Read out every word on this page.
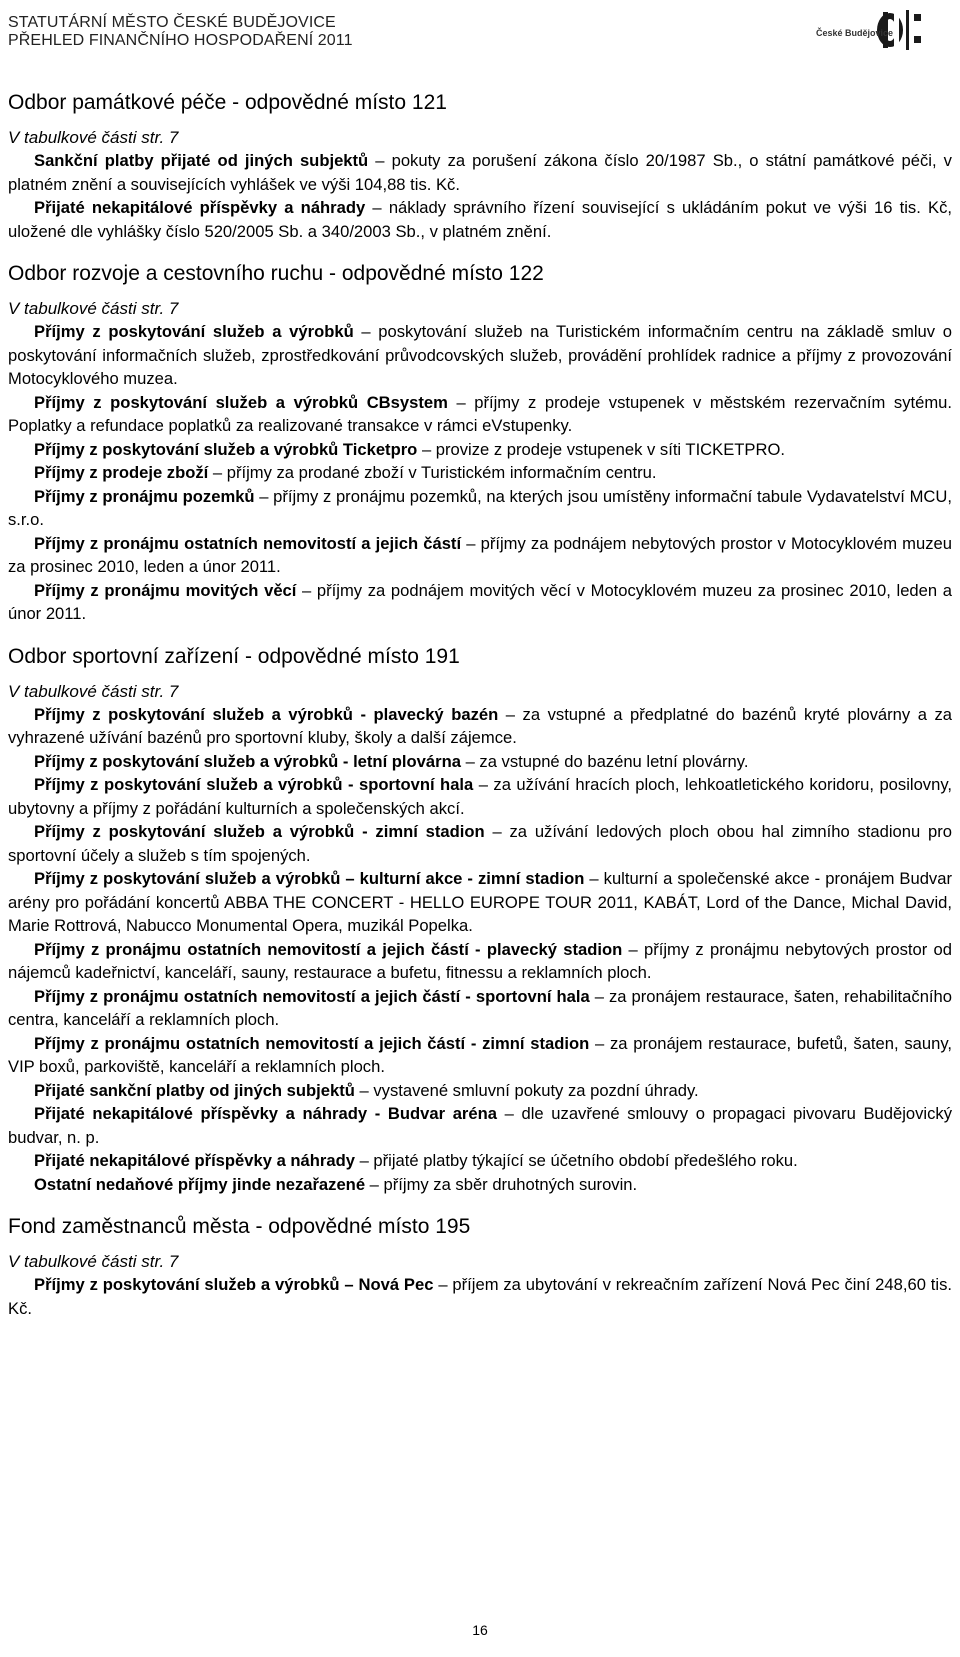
STATUTÁRNÍ MĚSTO ČESKÉ BUDĚJOVICE
PŘEHLED FINANČNÍHO HOSPODAŘENÍ 2011	České Budějovice
Odbor památkové péče - odpovědné místo 121
V tabulkové části str. 7

Sankční platby přijaté od jiných subjektů – pokuty za porušení zákona číslo 20/1987 Sb., o státní památkové péči, v platném znění a souvisejících vyhlášek ve výši 104,88 tis. Kč.

Přijaté nekapitálové příspěvky a náhrady – náklady správního řízení související s ukládáním pokut ve výši 16 tis. Kč, uložené dle vyhlášky číslo 520/2005 Sb. a 340/2003 Sb., v platném znění.

Odbor rozvoje a cestovního ruchu - odpovědné místo 122
V tabulkové části str. 7

Příjmy z poskytování služeb a výrobků – poskytování služeb na Turistickém informačním centru na základě smluv o poskytování informačních služeb, zprostředkování průvodcovských služeb, provádění prohlídek radnice a příjmy z provozování Motocyklového muzea.

Příjmy z poskytování služeb a výrobků CBsystem – příjmy z prodeje vstupenek v městském rezervačním sytému. Poplatky a refundace poplatků za realizované transakce v rámci eVstupenky.

Příjmy z poskytování služeb a výrobků Ticketpro – provize z prodeje vstupenek v síti TICKETPRO.

Příjmy z prodeje zboží – příjmy za prodané zboží v Turistickém informačním centru.

Příjmy z pronájmu pozemků – příjmy z pronájmu pozemků, na kterých jsou umístěny informační tabule Vydavatelství MCU, s.r.o.

Příjmy z pronájmu ostatních nemovitostí a jejich částí – příjmy za podnájem nebytových prostor v Motocyklovém muzeu za prosinec 2010, leden a únor 2011.

Příjmy z pronájmu movitých věcí – příjmy za podnájem movitých věcí v Motocyklovém muzeu za prosinec 2010, leden a únor 2011.

Odbor sportovní zařízení - odpovědné místo 191
V tabulkové části str. 7

Příjmy z poskytování služeb a výrobků - plavecký bazén – za vstupné a předplatné do bazénů kryté plovárny a za vyhrazené užívání bazénů pro sportovní kluby, školy a další zájemce.

Příjmy z poskytování služeb a výrobků - letní plovárna – za vstupné do bazénu letní plovárny.

Příjmy z poskytování služeb a výrobků - sportovní hala – za užívání hracích ploch, lehkoatletického koridoru, posilovny, ubytovny a příjmy z pořádání kulturních a společenských akcí.

Příjmy z poskytování služeb a výrobků - zimní stadion – za užívání ledových ploch obou hal zimního stadionu pro sportovní účely a služeb s tím spojených.

Příjmy z poskytování služeb a výrobků – kulturní akce - zimní stadion – kulturní a společenské akce - pronájem Budvar arény pro pořádání koncertů ABBA THE CONCERT - HELLO EUROPE TOUR 2011, KABÁT, Lord of the Dance, Michal David, Marie Rottrová, Nabucco Monumental Opera, muzikál Popelka.

Příjmy z pronájmu ostatních nemovitostí a jejich částí - plavecký stadion – příjmy z pronájmu nebytových prostor od nájemců kadeřnictví, kanceláří, sauny, restaurace a bufetu, fitnessu a reklamních ploch.

Příjmy z pronájmu ostatních nemovitostí a jejich částí - sportovní hala – za pronájem restaurace, šaten, rehabilitačního centra, kanceláří a reklamních ploch.

Příjmy z pronájmu ostatních nemovitostí a jejich částí - zimní stadion – za pronájem restaurace, bufetů, šaten, sauny, VIP boxů, parkoviště, kanceláří a reklamních ploch.

Přijaté sankční platby od jiných subjektů – vystavené smluvní pokuty za pozdní úhrady.

Přijaté nekapitálové příspěvky a náhrady - Budvar aréna – dle uzavřené smlouvy o propagaci pivovaru Budějovický budvar, n. p.

Přijaté nekapitálové příspěvky a náhrady – přijaté platby týkající se účetního období předešlého roku.

Ostatní nedaňové příjmy jinde nezařazené – příjmy za sběr druhotných surovin.

Fond zaměstnanců města - odpovědné místo 195
V tabulkové části str. 7

Příjmy z poskytování služeb a výrobků – Nová Pec – příjem za ubytování v rekreačním zařízení Nová Pec činí 248,60 tis. Kč.

16
